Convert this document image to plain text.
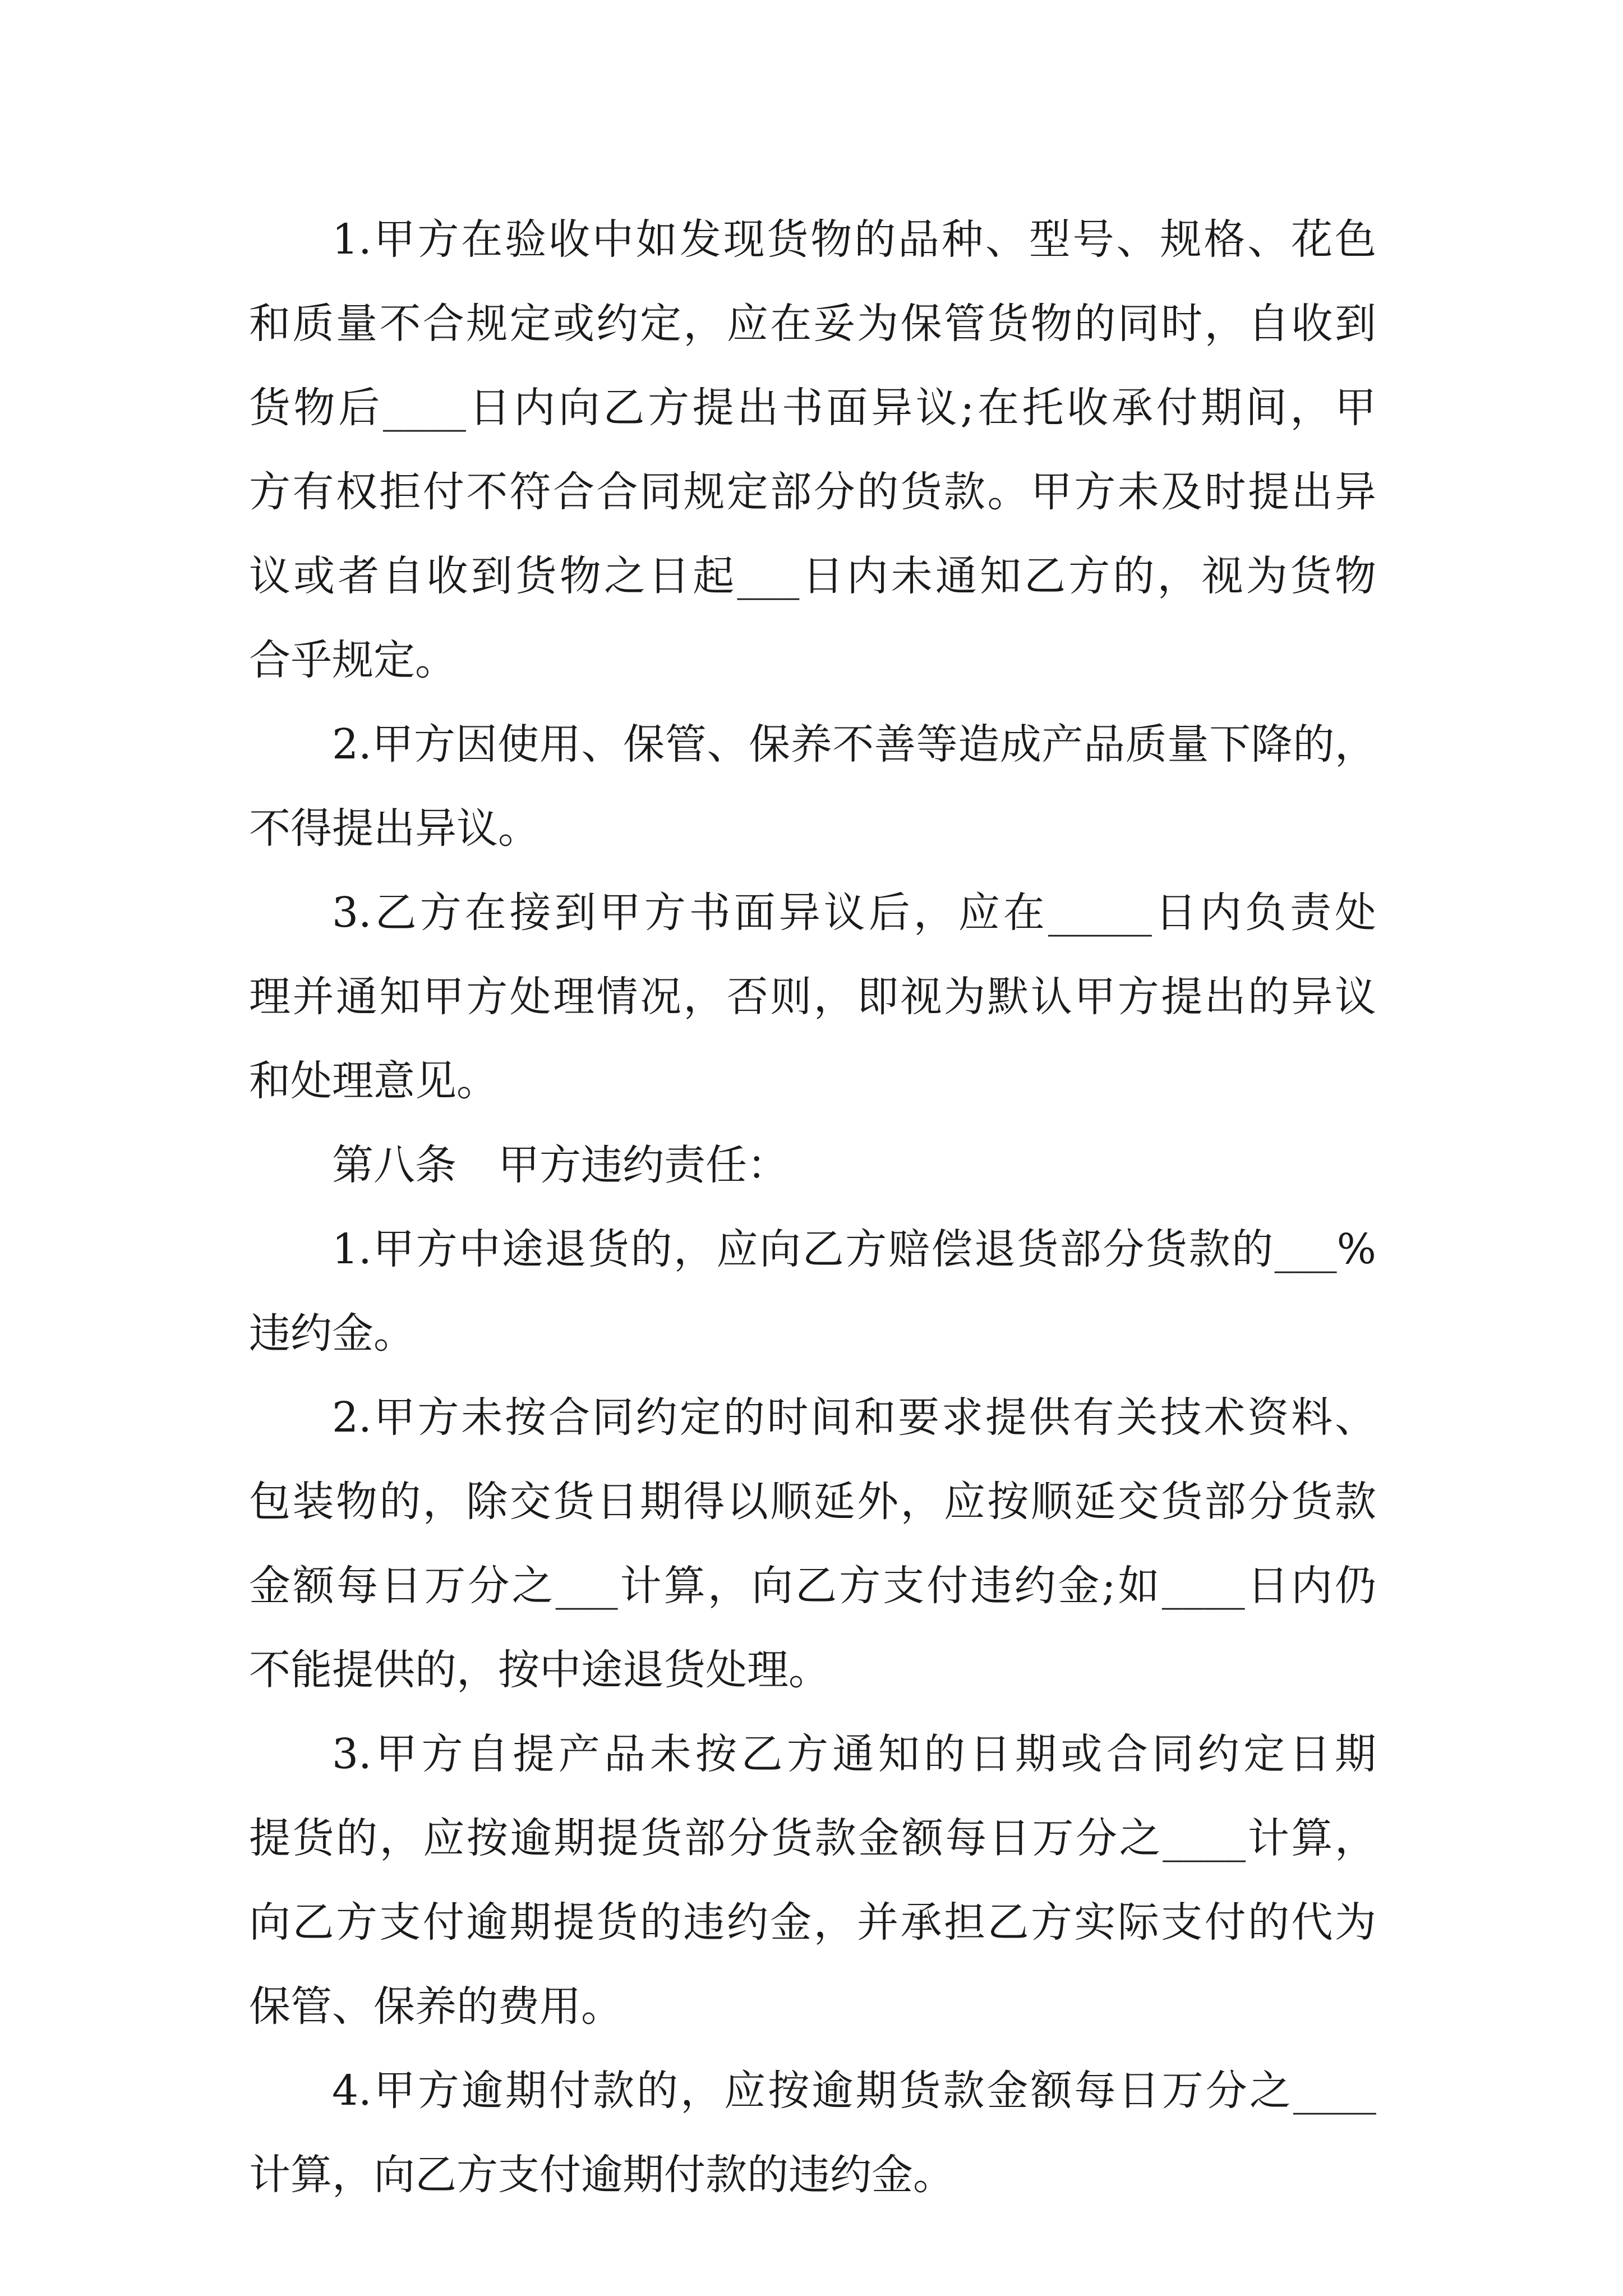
1.甲方在验收中如发现货物的品种、型号、规格、花色
和质量不合规定或约定，应在妥为保管货物的同时，自收到
货物后____日内向乙方提出书面异议;在托收承付期间，甲
方有权拒付不符合合同规定部分的货款。甲方未及时提出异
议或者自收到货物之日起___日内未通知乙方的，视为货物
合乎规定。
2.甲方因使用、保管、保养不善等造成产品质量下降的，
不得提出异议。
3.乙方在接到甲方书面异议后，应在_____日内负责处
理并通知甲方处理情况，否则，即视为默认甲方提出的异议
和处理意见。
第八条　甲方违约责任：
1.甲方中途退货的，应向乙方赔偿退货部分货款的___%
违约金。
2.甲方未按合同约定的时间和要求提供有关技术资料、
包装物的，除交货日期得以顺延外，应按顺延交货部分货款
金额每日万分之___计算，向乙方支付违约金;如____日内仍
不能提供的，按中途退货处理。
3.甲方自提产品未按乙方通知的日期或合同约定日期
提货的，应按逾期提货部分货款金额每日万分之____计算，
向乙方支付逾期提货的违约金，并承担乙方实际支付的代为
保管、保养的费用。
4.甲方逾期付款的，应按逾期货款金额每日万分之____
计算，向乙方支付逾期付款的违约金。
